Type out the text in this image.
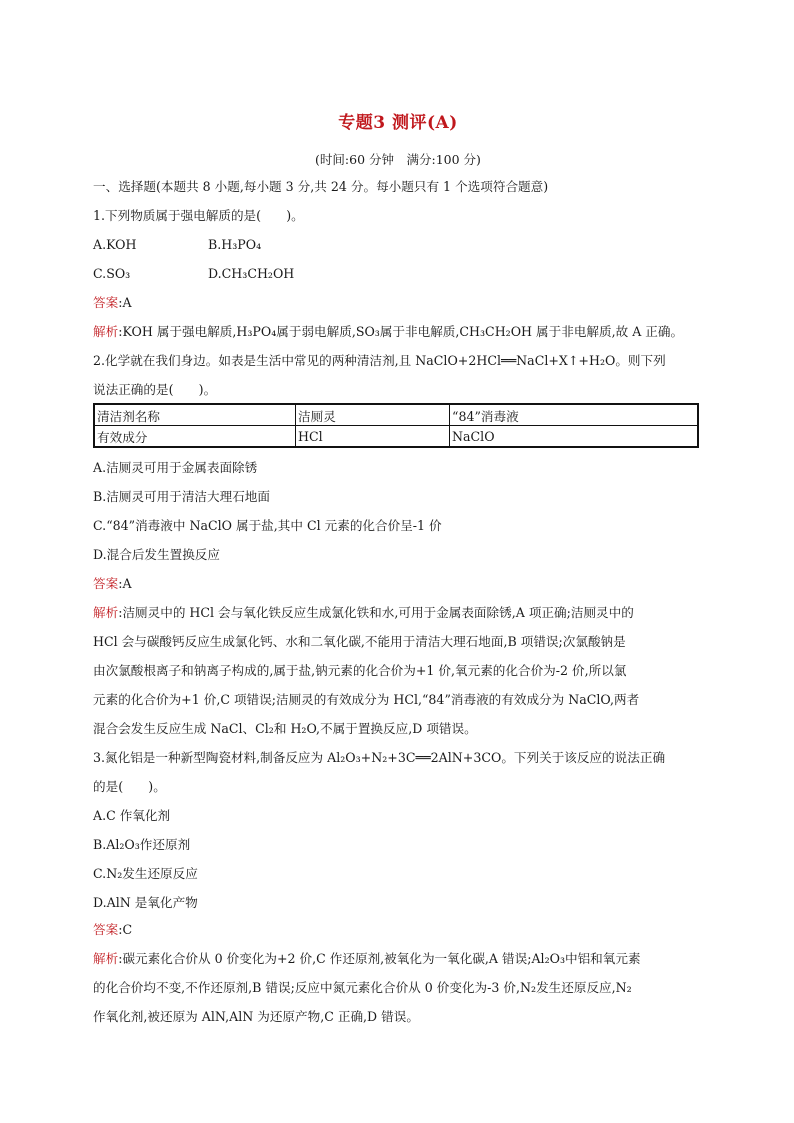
专题3 测评(A)
(时间:60 分钟　满分:100 分)
一、选择题(本题共 8 小题,每小题 3 分,共 24 分。每小题只有 1 个选项符合题意)
1.下列物质属于强电解质的是(　　)。
A.KOH	B.H₃PO₄
C.SO₃	D.CH₃CH₂OH
答案:A
解析:KOH 属于强电解质,H₃PO₄属于弱电解质,SO₃属于非电解质,CH₃CH₂OH 属于非电解质,故 A 正确。
2.化学就在我们身边。如表是生活中常见的两种清洁剂,且 NaClO+2HCl══NaCl+X↑+H₂O。则下列
说法正确的是(　　)。
清洁剂名称	洁厕灵	“84”消毒液
有效成分	HCl	NaClO
A.洁厕灵可用于金属表面除锈
B.洁厕灵可用于清洁大理石地面
C.“84”消毒液中 NaClO 属于盐,其中 Cl 元素的化合价呈-1 价
D.混合后发生置换反应
答案:A
解析:洁厕灵中的 HCl 会与氧化铁反应生成氯化铁和水,可用于金属表面除锈,A 项正确;洁厕灵中的
HCl 会与碳酸钙反应生成氯化钙、水和二氧化碳,不能用于清洁大理石地面,B 项错误;次氯酸钠是
由次氯酸根离子和钠离子构成的,属于盐,钠元素的化合价为+1 价,氧元素的化合价为-2 价,所以氯
元素的化合价为+1 价,C 项错误;洁厕灵的有效成分为 HCl,“84”消毒液的有效成分为 NaClO,两者
混合会发生反应生成 NaCl、Cl₂和 H₂O,不属于置换反应,D 项错误。
3.氮化铝是一种新型陶瓷材料,制备反应为 Al₂O₃+N₂+3C══2AlN+3CO。下列关于该反应的说法正确
的是(　　)。
A.C 作氧化剂
B.Al₂O₃作还原剂
C.N₂发生还原反应
D.AlN 是氧化产物
答案:C
解析:碳元素化合价从 0 价变化为+2 价,C 作还原剂,被氧化为一氧化碳,A 错误;Al₂O₃中铝和氧元素
的化合价均不变,不作还原剂,B 错误;反应中氮元素化合价从 0 价变化为-3 价,N₂发生还原反应,N₂
作氧化剂,被还原为 AlN,AlN 为还原产物,C 正确,D 错误。
